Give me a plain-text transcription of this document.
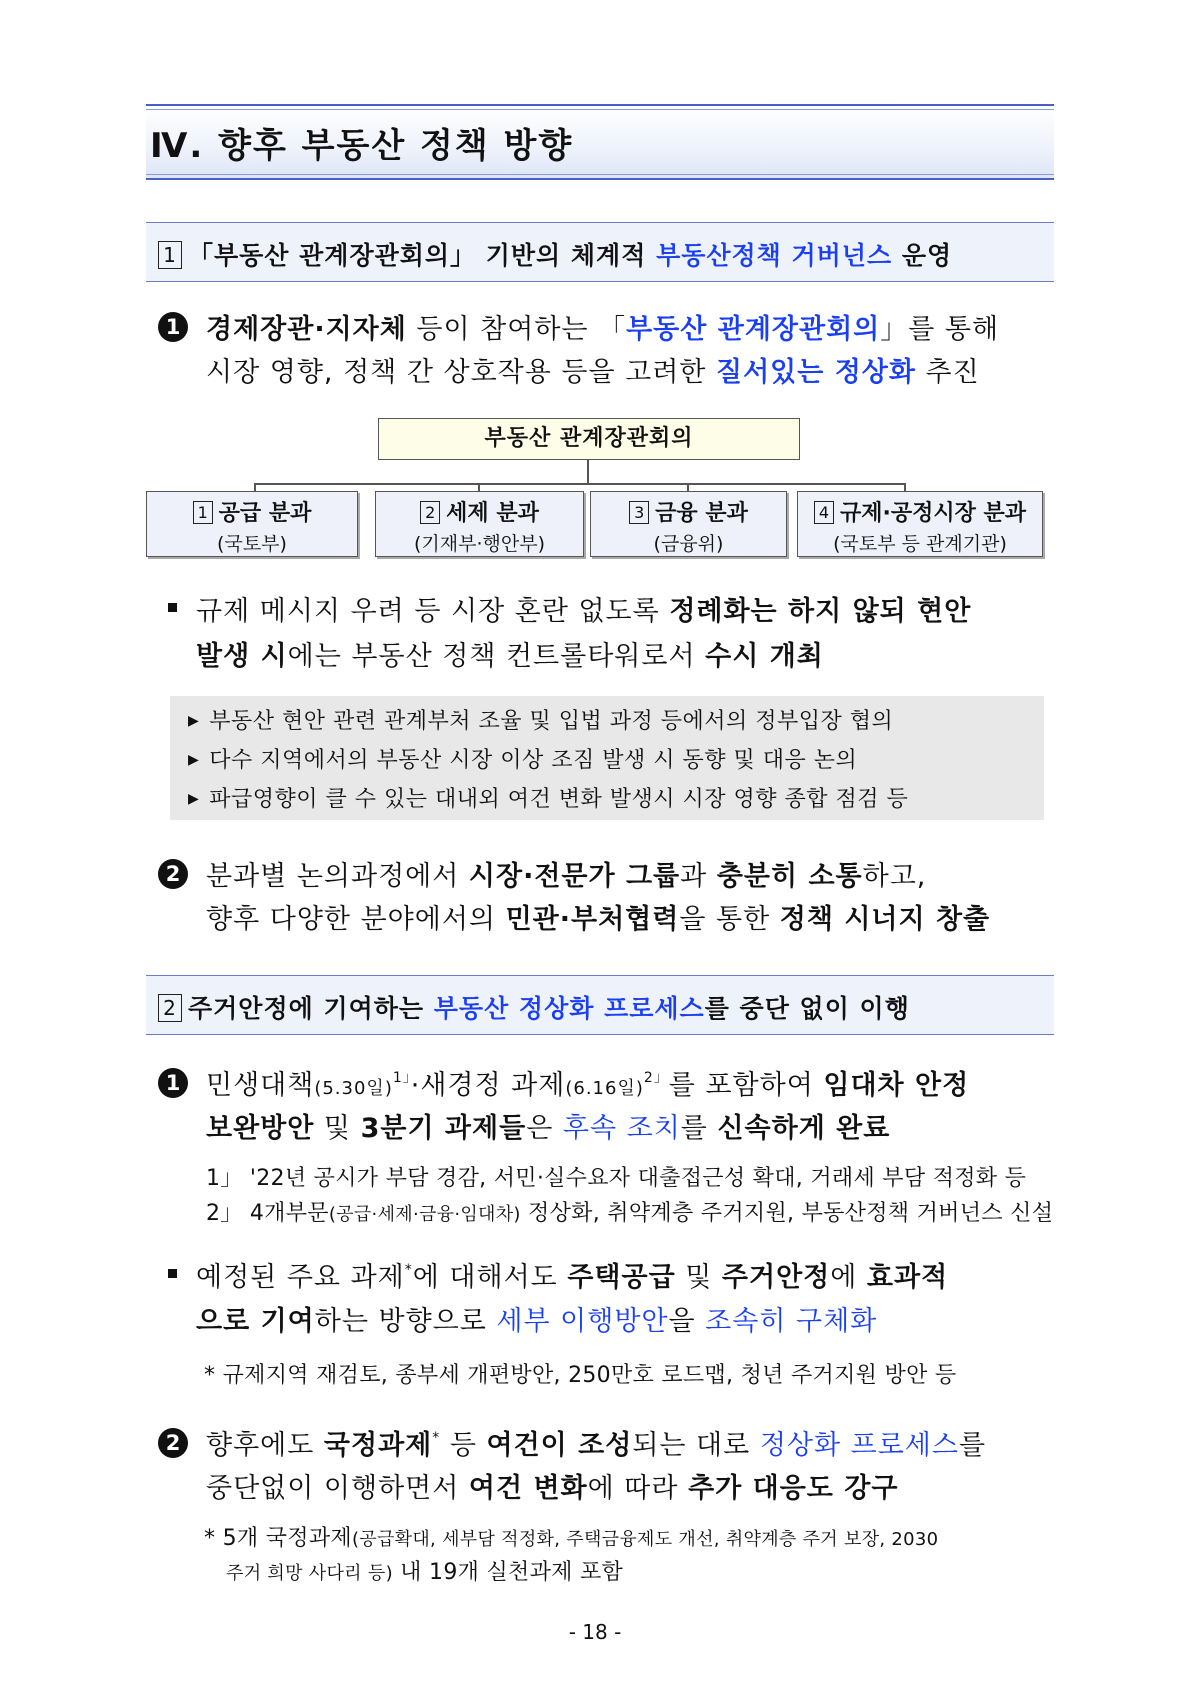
Ⅳ. 향후 부동산 정책 방향
1 「부동산 관계장관회의」 기반의 체계적 부동산정책 거버넌스 운영
1 경제장관·지자체 등이 참여하는 「부동산 관계장관회의」를 통해
시장 영향, 정책 간 상호작용 등을 고려한 질서있는 정상화 추진
부동산 관계장관회의
1 공급 분과
(국토부)
2 세제 분과
(기재부·행안부)
3 금융 분과
(금융위)
4 규제·공정시장 분과
(국토부 등 관계기관)
규제 메시지 우려 등 시장 혼란 없도록 정례화는 하지 않되 현안
발생 시에는 부동산 정책 컨트롤타워로서 수시 개최
▶ 부동산 현안 관련 관계부처 조율 및 입법 과정 등에서의 정부입장 협의
▶ 다수 지역에서의 부동산 시장 이상 조짐 발생 시 동향 및 대응 논의
▶ 파급영향이 클 수 있는 대내외 여건 변화 발생시 시장 영향 종합 점검 등
2 분과별 논의과정에서 시장·전문가 그룹과 충분히 소통하고,
향후 다양한 분야에서의 민관·부처협력을 통한 정책 시너지 창출
2 주거안정에 기여하는 부동산 정상화 프로세스를 중단 없이 이행
1 민생대책(5.30일)$^{1」}$·새경정 과제(6.16일)$^{2」}$를 포함하여 임대차 안정
보완방안 및 3분기 과제들은 후속 조치를 신속하게 완료
1」 '22년 공시가 부담 경감, 서민·실수요자 대출접근성 확대, 거래세 부담 적정화 등
2」 4개부문(공급·세제·금융·임대차) 정상화, 취약계층 주거지원, 부동산정책 거버넌스 신설
예정된 주요 과제*에 대해서도 주택공급 및 주거안정에 효과적
으로 기여하는 방향으로 세부 이행방안을 조속히 구체화
* 규제지역 재검토, 종부세 개편방안, 250만호 로드맵, 청년 주거지원 방안 등
2 향후에도 국정과제* 등 여건이 조성되는 대로 정상화 프로세스를
중단없이 이행하면서 여건 변화에 따라 추가 대응도 강구
* 5개 국정과제(공급확대, 세부담 적정화, 주택금융제도 개선, 취약계층 주거 보장, 2030
주거 희망 사다리 등) 내 19개 실천과제 포함
- 18 -
